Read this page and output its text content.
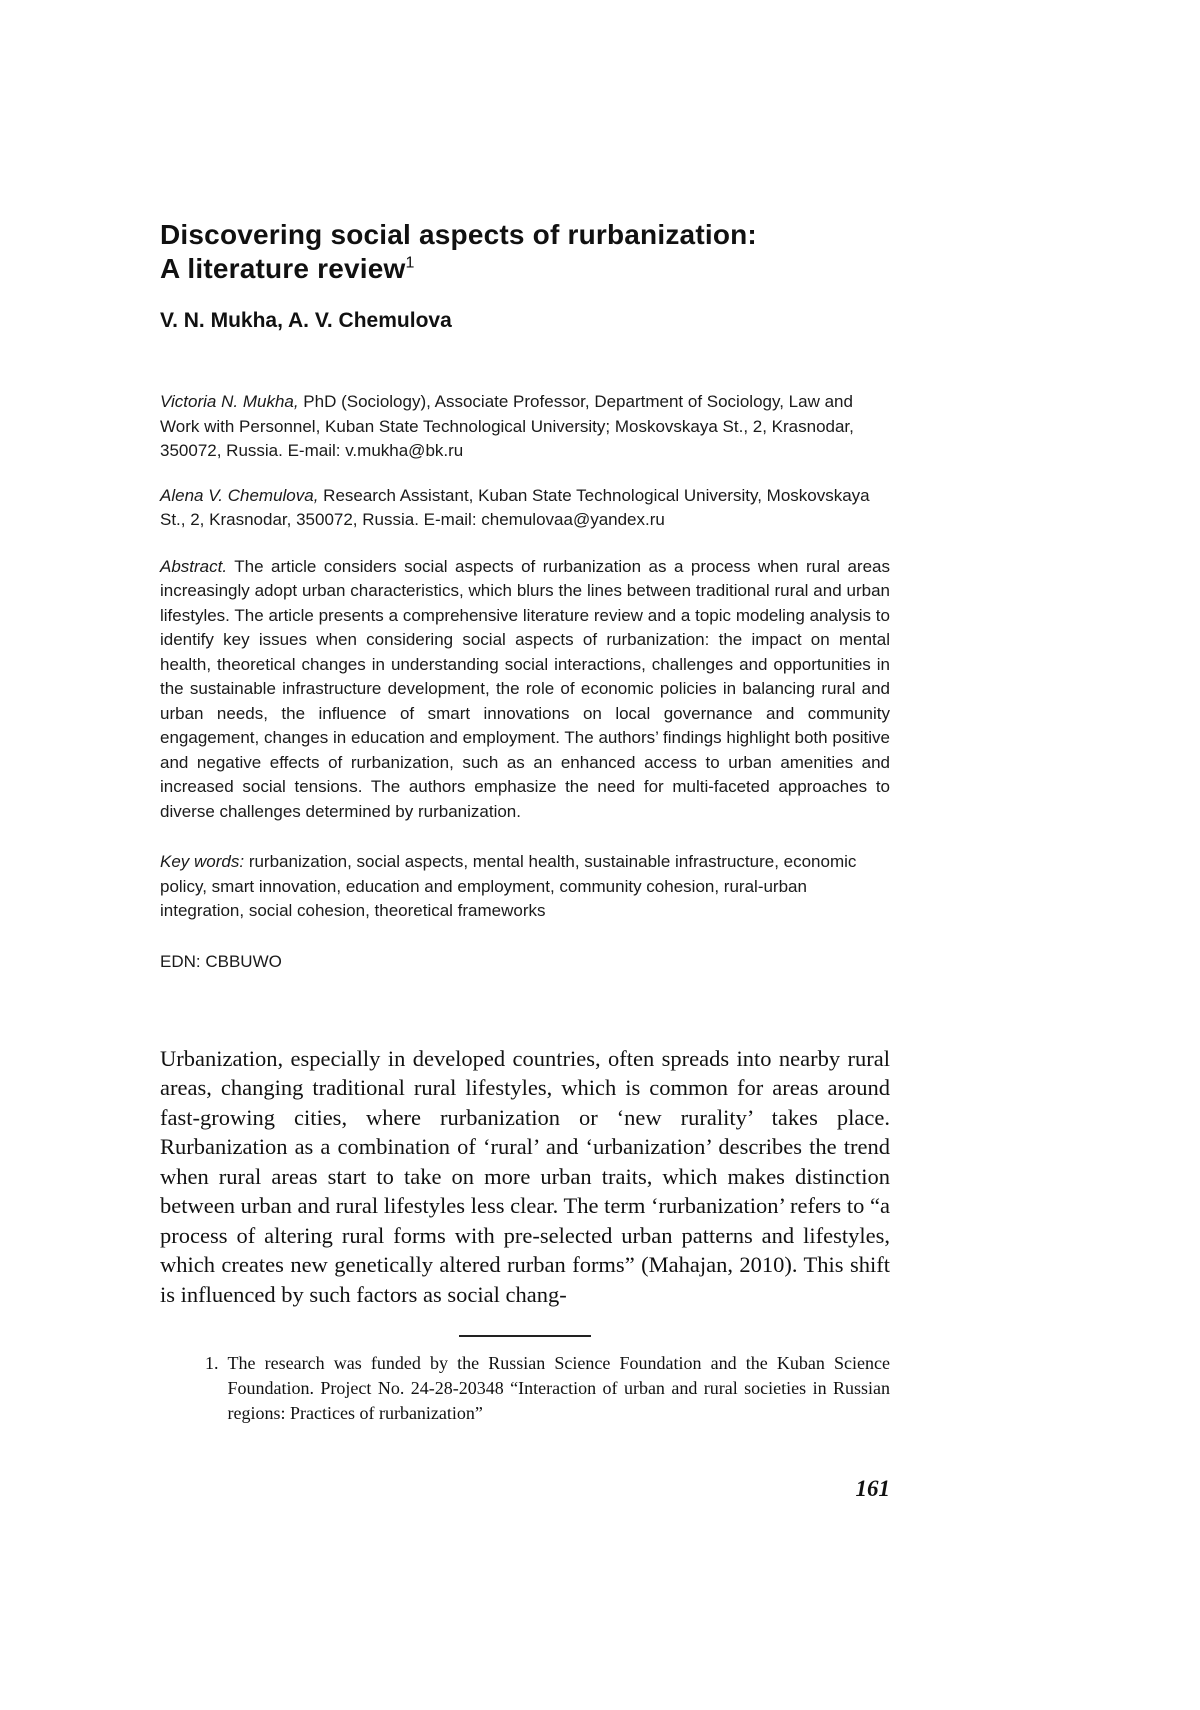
Discovering social aspects of rurbanization:
A literature review$^1$
V. N. Mukha, A. V. Chemulova

Victoria N. Mukha, PhD (Sociology), Associate Professor, Department of Sociology, Law and Work with Personnel, Kuban State Technological University; Moskovskaya St., 2, Krasnodar, 350072, Russia. E-mail: v.mukha@bk.ru

Alena V. Chemulova, Research Assistant, Kuban State Technological University, Moskovskaya St., 2, Krasnodar, 350072, Russia. E-mail: chemulovaa@yandex.ru

Abstract. The article considers social aspects of rurbanization as a process when rural areas increasingly adopt urban characteristics, which blurs the lines between traditional rural and urban lifestyles. The article presents a comprehensive literature review and a topic modeling analysis to identify key issues when considering social aspects of rurbanization: the impact on mental health, theoretical changes in understanding social interactions, challenges and opportunities in the sustainable infrastructure development, the role of economic policies in balancing rural and urban needs, the influence of smart innovations on local governance and community engagement, changes in education and employment. The authors’ findings highlight both positive and negative effects of rurbanization, such as an enhanced access to urban amenities and increased social tensions. The authors emphasize the need for multi-faceted approaches to diverse challenges determined by rurbanization.

Key words: rurbanization, social aspects, mental health, sustainable infrastructure, economic policy, smart innovation, education and employment, community cohesion, rural-urban integration, social cohesion, theoretical frameworks

EDN: CBBUWO

Urbanization, especially in developed countries, often spreads into nearby rural areas, changing traditional rural lifestyles, which is common for areas around fast-growing cities, where rurbanization or ‘new rurality’ takes place. Rurbanization as a combination of ‘rural’ and ‘urbanization’ describes the trend when rural areas start to take on more urban traits, which makes distinction between urban and rural lifestyles less clear. The term ‘rurbanization’ refers to “a process of altering rural forms with pre-selected urban patterns and lifestyles, which creates new genetically altered rurban forms” (Mahajan, 2010). This shift is influenced by such factors as social chang-

1. The research was funded by the Russian Science Foundation and the Kuban Science Foundation. Project No. 24-28-20348 “Interaction of urban and rural societies in Russian regions: Practices of rurbanization”
161
